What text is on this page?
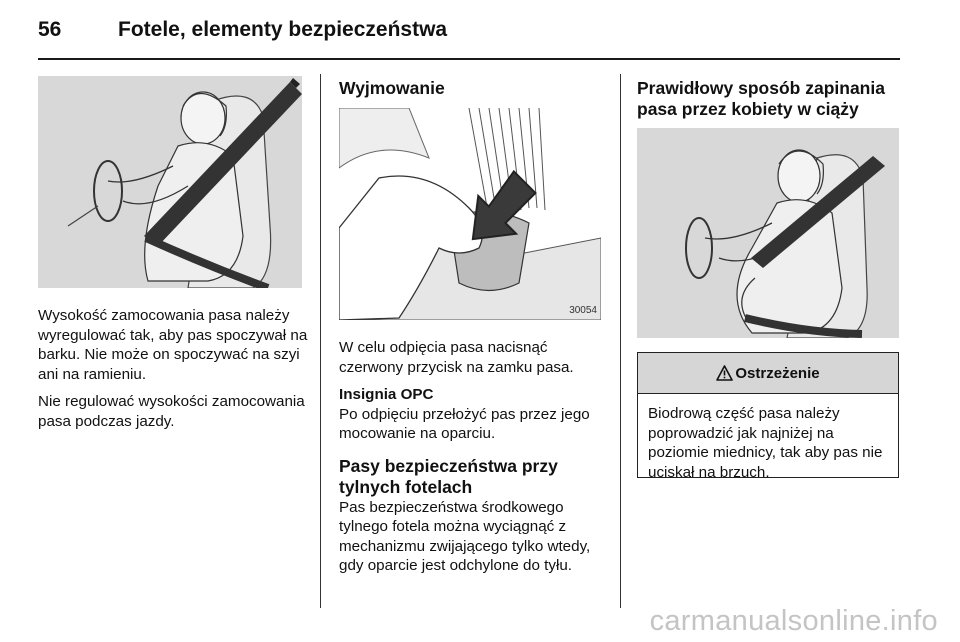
56	Fotele, elementy bezpieczeństwa

Wysokość zamocowania pasa należy wyregulować tak, aby pas spoczywał na barku. Nie może on spoczywać na szyi ani na ramieniu.

Nie regulować wysokości zamocowania pasa podczas jazdy.

Wyjmowanie
30054

W celu odpięcia pasa nacisnąć czerwony przycisk na zamku pasa.

Insignia OPC

Po odpięciu przełożyć pas przez jego mocowanie na oparciu.

Pasy bezpieczeństwa przy tylnych fotelach

Pas bezpieczeństwa środkowego tylnego fotela można wyciągnąć z mechanizmu zwijającego tylko wtedy, gdy oparcie jest odchylone do tyłu.

Prawidłowy sposób zapinania pasa przez kobiety w ciąży
Ostrzeżenie
Biodrową część pasa należy poprowadzić jak najniżej na poziomie miednicy, tak aby pas nie uciskał na brzuch.
carmanualsonline.info
